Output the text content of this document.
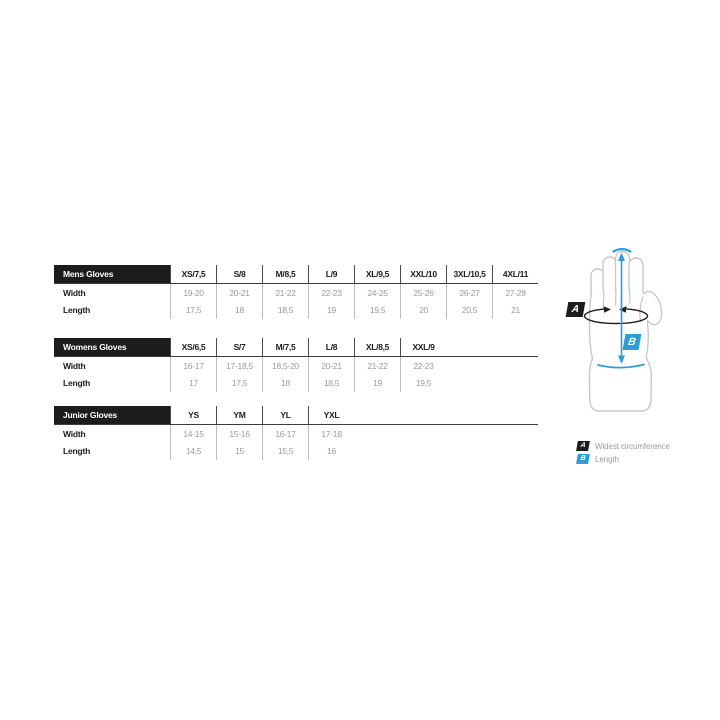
Mens Gloves	XS/7,5	S/8	M/8,5	L/9	XL/9,5	XXL/10	3XL/10,5	4XL/11
Width	19-20	20-21	21-22	22-23	24-25	25-26	26-27	27-28
Length	17,5	18	18,5	19	19,5	20	20,5	21
Womens Gloves	XS/6,5	S/7	M/7,5	L/8	XL/8,5	XXL/9
Width	16-17	17-18,5	18,5-20	20-21	21-22	22-23
Length	17	17,5	18	18,5	19	19,5
Junior Gloves	YS	YM	YL	YXL
Width	14-15	15-16	16-17	17-18
Length	14,5	15	15,5	16
A
B
A	Widest circumference
B	Length
